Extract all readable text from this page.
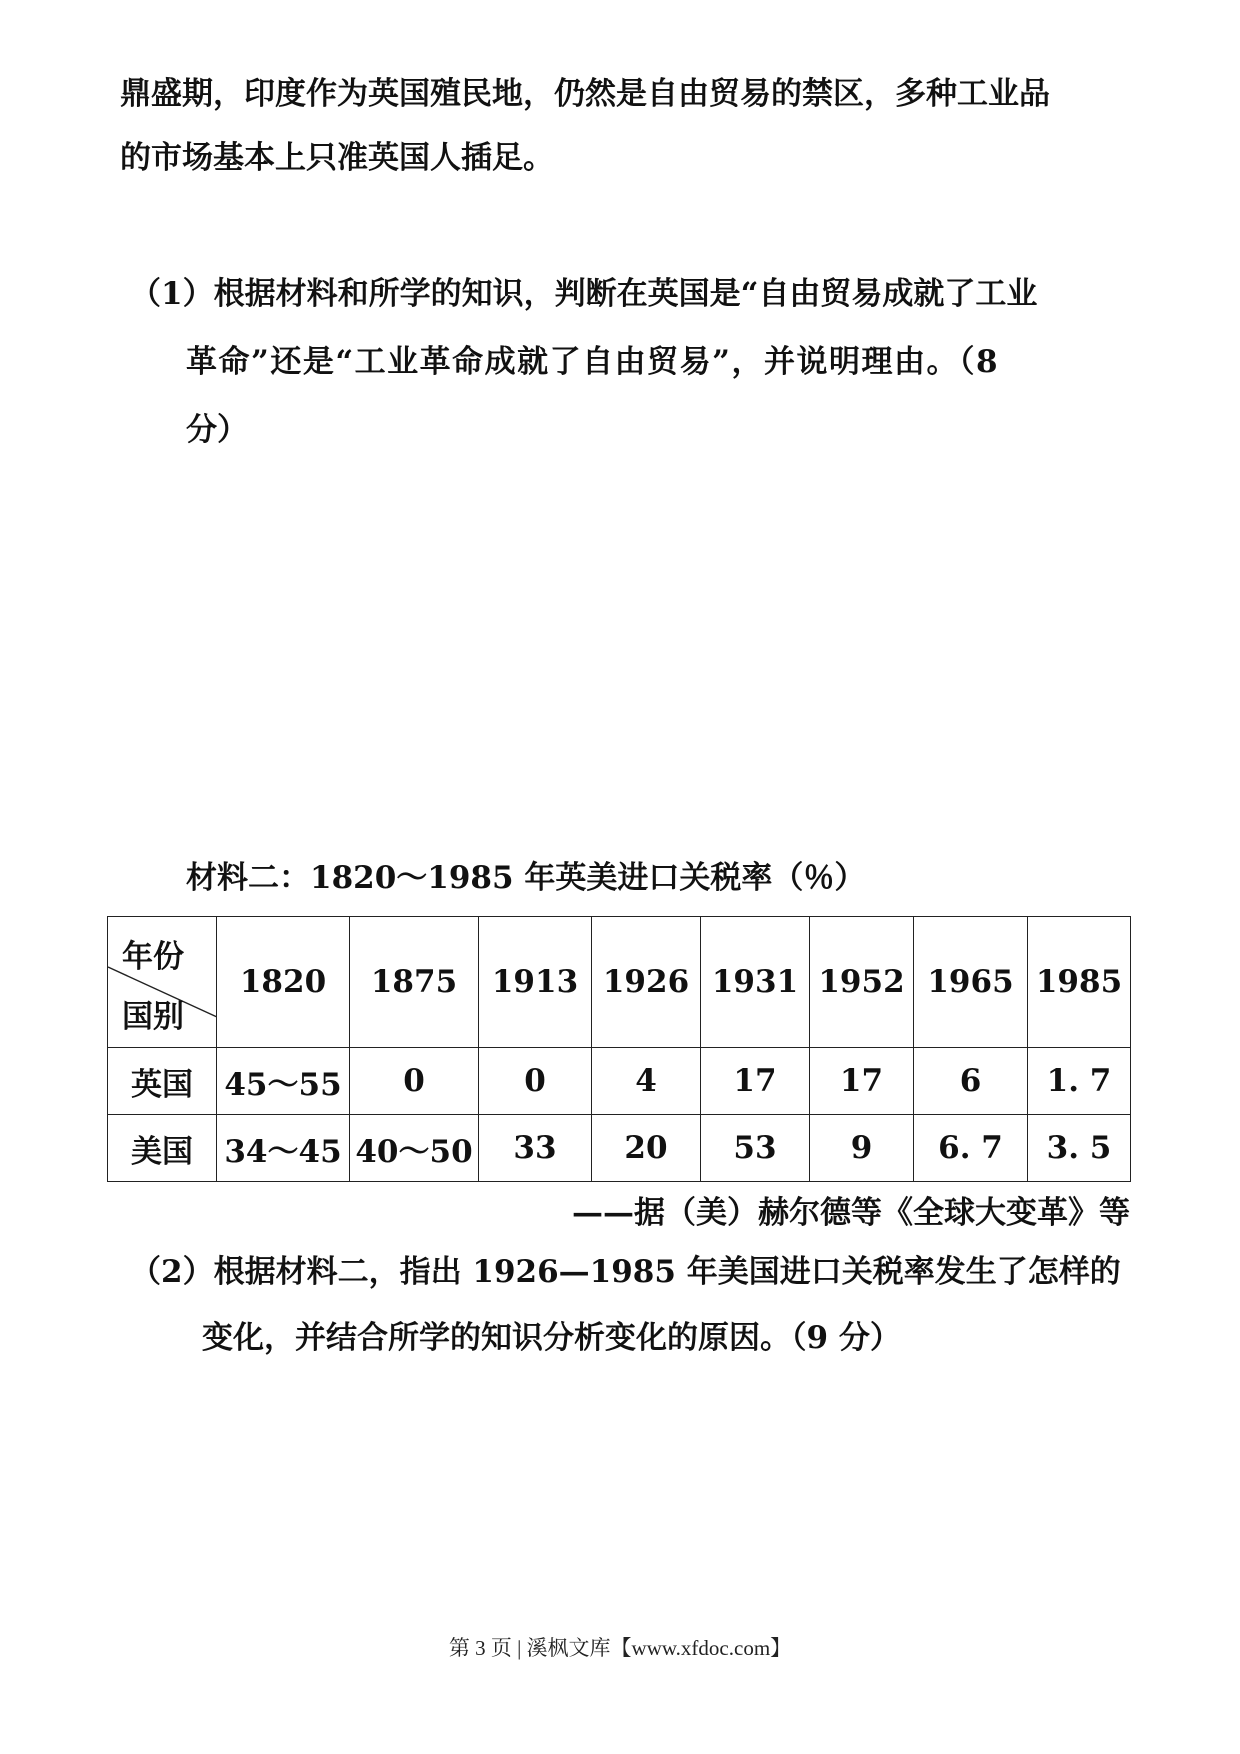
鼎盛期，印度作为英国殖民地，仍然是自由贸易的禁区，多种工业品

的市场基本上只准英国人插足。

（1）根据材料和所学的知识，判断在英国是“自由贸易成就了工业

革命”还是“工业革命成就了自由贸易”，并说明理由。（8

分）

材料二：1820～1985 年英美进口关税率（％）

年份
国别	1820	1875	1913	1926	1931	1952	1965	1985
英国	45～55	0	0	4	17	17	6	1. 7
美国	34～45	40～50	33	20	53	9	6. 7	3. 5

——据（美）赫尔德等《全球大变革》等

（2）根据材料二，指出 1926—1985 年美国进口关税率发生了怎样的

变化，并结合所学的知识分析变化的原因。（9 分）

第 3 页 | 溪枫文库【www.xfdoc.com】
